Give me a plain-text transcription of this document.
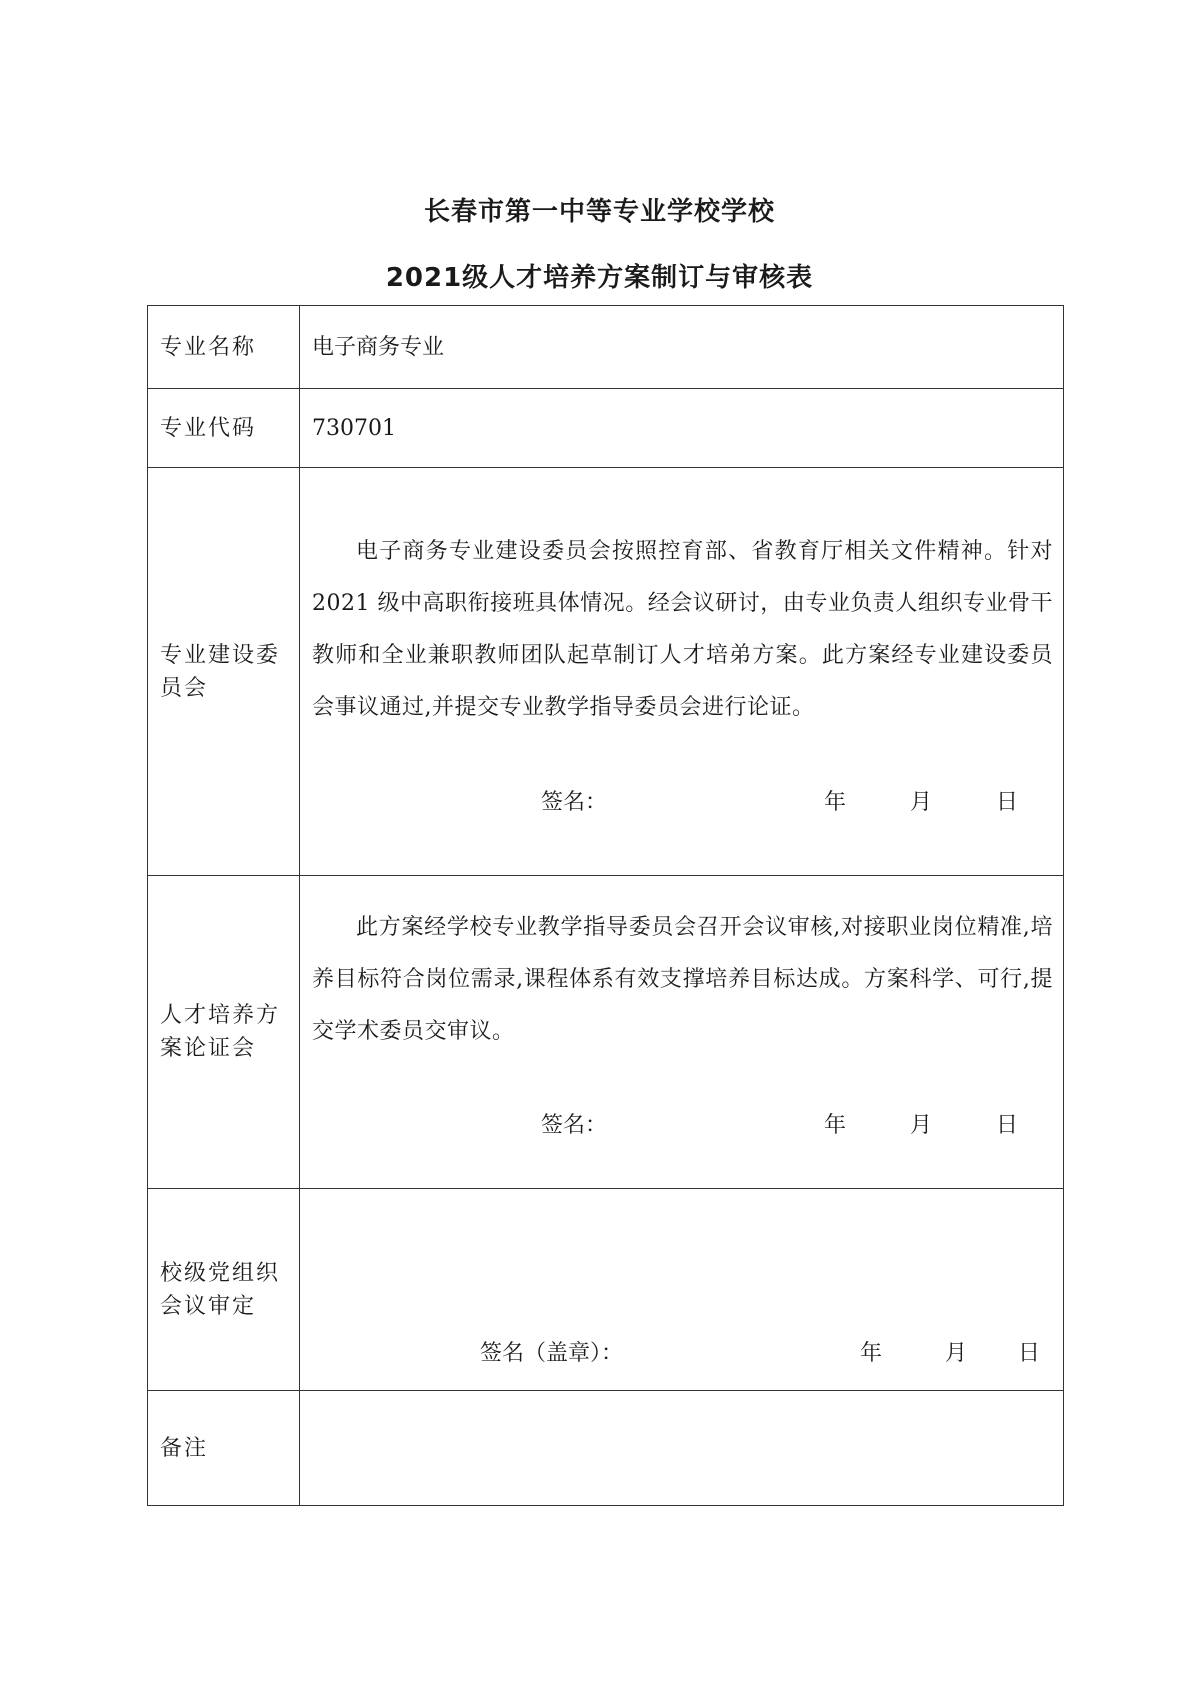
长春市第一中等专业学校学校
2021级人才培养方案制订与审核表
专业名称	电子商务专业
专业代码	730701
专业建设委员会	电子商务专业建设委员会按照控育部、省教育厅相关文件精神。针对 2021 级中高职衔接班具体情况。经会议研讨，由专业负责人组织专业骨干教师和全业兼职教师团队起草制订人才培弟方案。此方案经专业建设委员会事议通过,并提交专业教学指导委员会进行论证。
签名： 年 月 日

人才培养方案论证会	此方案经学校专业教学指导委员会召开会议审核,对接职业岗位精准,培养目标符合岗位需录,课程体系有效支撑培养目标达成。方案科学、可行,提交学术委员交审议。
签名： 年 月 日

校级党组织会议审定	签名（盖章）： 年 月 日

备注	
